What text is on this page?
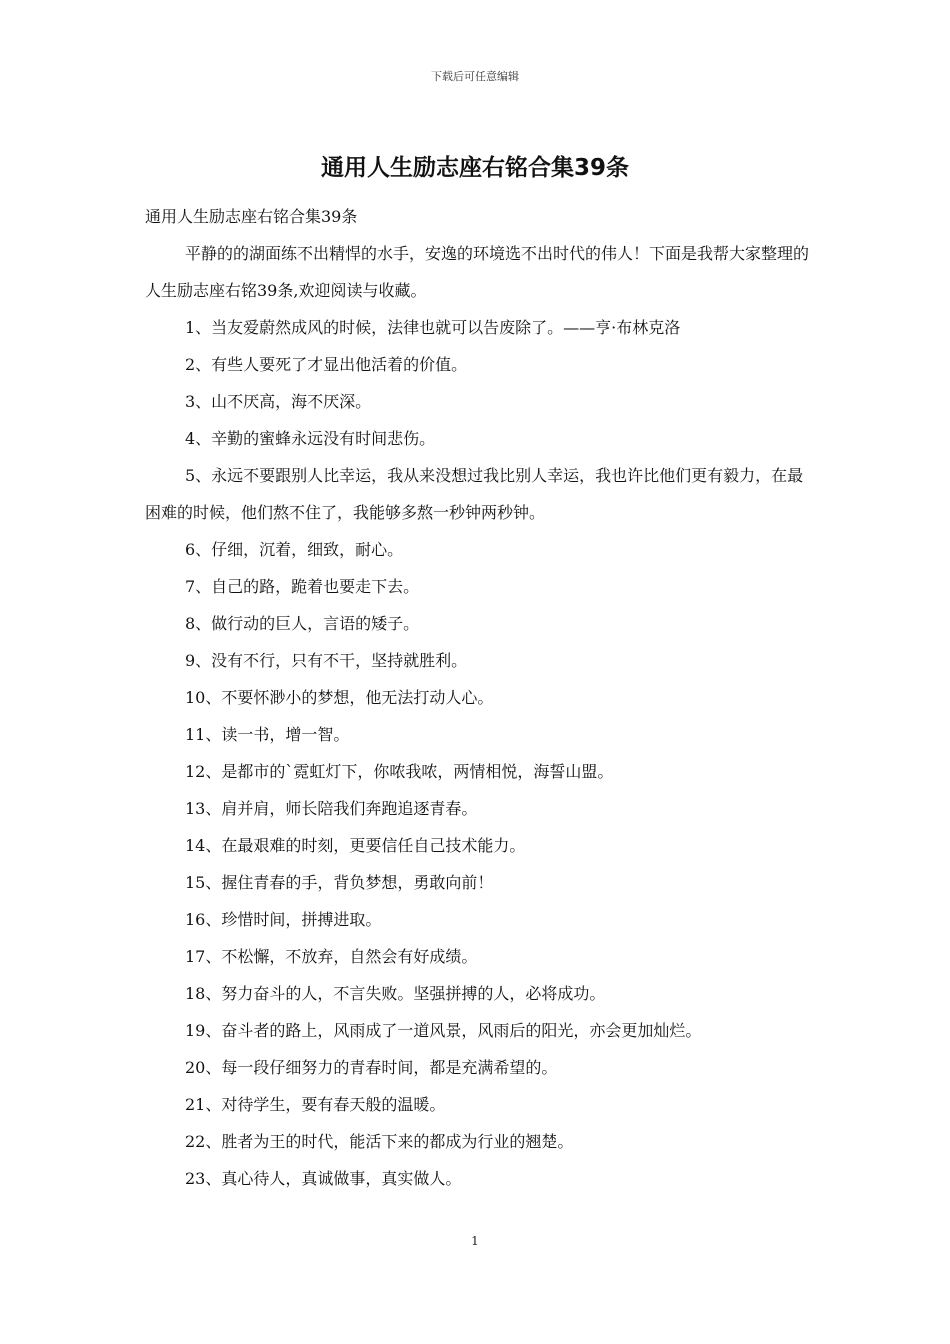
下载后可任意编辑
通用人生励志座右铭合集39条

通用人生励志座右铭合集39条

平静的的湖面练不出精悍的水手，安逸的环境选不出时代的伟人！下面是我帮大家整理的人生励志座右铭39条,欢迎阅读与收藏。

1、当友爱蔚然成风的时候，法律也就可以告废除了。——亨·布林克洛
2、有些人要死了才显出他活着的价值。
3、山不厌高，海不厌深。
4、辛勤的蜜蜂永远没有时间悲伤。
5、永远不要跟别人比幸运，我从来没想过我比别人幸运，我也许比他们更有毅力，在最困难的时候，他们熬不住了，我能够多熬一秒钟两秒钟。
6、仔细，沉着，细致，耐心。
7、自己的路，跪着也要走下去。
8、做行动的巨人，言语的矮子。
9、没有不行，只有不干，坚持就胜利。
10、不要怀渺小的梦想，他无法打动人心。
11、读一书，增一智。
12、是都市的`霓虹灯下，你哝我哝，两情相悦，海誓山盟。
13、肩并肩，师长陪我们奔跑追逐青春。
14、在最艰难的时刻，更要信任自己技术能力。
15、握住青春的手，背负梦想，勇敢向前！
16、珍惜时间，拼搏进取。
17、不松懈，不放弃，自然会有好成绩。
18、努力奋斗的人，不言失败。坚强拼搏的人，必将成功。
19、奋斗者的路上，风雨成了一道风景，风雨后的阳光，亦会更加灿烂。
20、每一段仔细努力的青春时间，都是充满希望的。
21、对待学生，要有春天般的温暖。
22、胜者为王的时代，能活下来的都成为行业的翘楚。
23、真心待人，真诚做事，真实做人。
1
